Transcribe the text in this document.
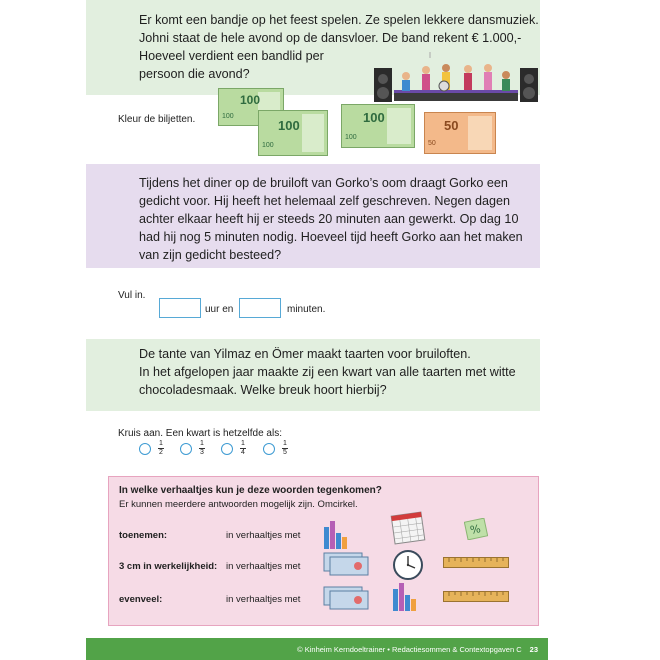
Er komt een bandje op het feest spelen. Ze spelen lekkere dansmuziek.
Johni staat de hele avond op de dansvloer. De band rekent € 1.000,-
Hoeveel verdient een bandlid per
persoon die avond?
Kleur de biljetten.
100
100
100
100
100
100
50
50
Tijdens het diner op de bruiloft van Gorko’s oom draagt Gorko een
gedicht voor. Hij heeft het helemaal zelf geschreven. Negen dagen
achter elkaar heeft hij er steeds 20 minuten aan gewerkt. Op dag 10
had hij nog 5 minuten nodig. Hoeveel tijd heeft Gorko aan het maken
van zijn gedicht besteed?
Vul in.
uur en	minuten.
De tante van Yilmaz en Ömer maakt taarten voor bruiloften.
In het afgelopen jaar maakte zij een kwart van alle taarten met witte
chocoladesmaak. Welke breuk hoort hierbij?
Kruis aan. Een kwart is hetzelfde als:
1
2
1
3
1
4
1
5
In welke verhaaltjes kun je deze woorden tegenkomen?
Er kunnen meerdere antwoorden mogelijk zijn. Omcirkel.
toenemen:	in verhaaltjes met
3 cm in werkelijkheid: in verhaaltjes met
evenveel:	in verhaaltjes met
%
© Kinheim Kerndoeltrainer • Redactiesommen & Contextopgaven C 23
